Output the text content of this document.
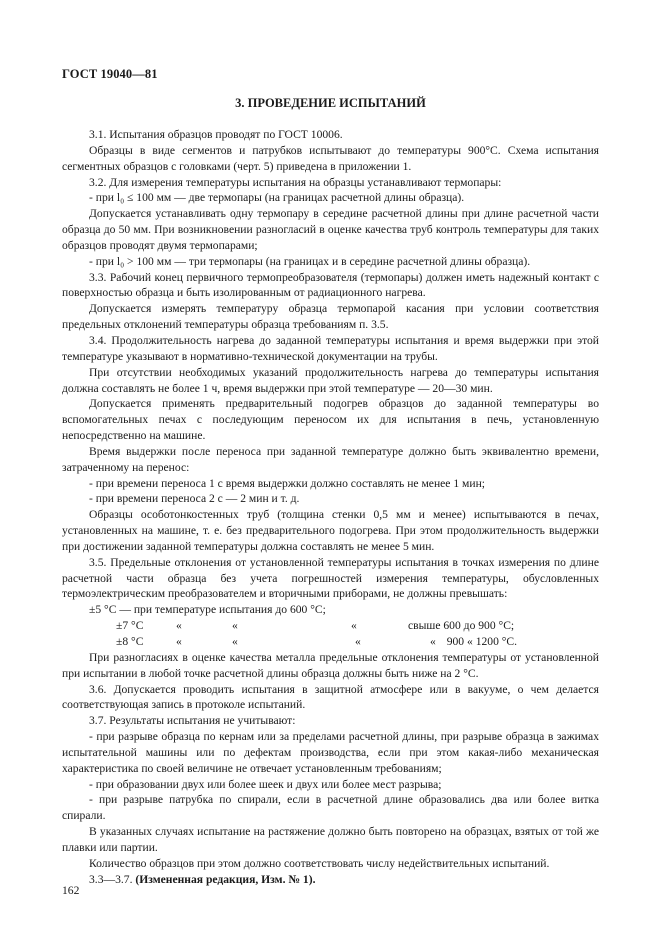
ГОСТ 19040—81
3. ПРОВЕДЕНИЕ ИСПЫТАНИЙ

3.1. Испытания образцов проводят по ГОСТ 10006.

Образцы в виде сегментов и патрубков испытывают до температуры 900°С. Схема испытания сегментных образцов с головками (черт. 5) приведена в приложении 1.

3.2. Для измерения температуры испытания на образцы устанавливают термопары:

- при l₀ ≤ 100 мм — две термопары (на границах расчетной длины образца).

Допускается устанавливать одну термопару в середине расчетной длины при длине расчетной части образца до 50 мм. При возникновении разногласий в оценке качества труб контроль температуры для таких образцов проводят двумя термопарами;

- при l₀ > 100 мм — три термопары (на границах и в середине расчетной длины образца).

3.3. Рабочий конец первичного термопреобразователя (термопары) должен иметь надежный контакт с поверхностью образца и быть изолированным от радиационного нагрева.

Допускается измерять температуру образца термопарой касания при условии соответствия предельных отклонений температуры образца требованиям п. 3.5.

3.4. Продолжительность нагрева до заданной температуры испытания и время выдержки при этой температуре указывают в нормативно-технической документации на трубы.

При отсутствии необходимых указаний продолжительность нагрева до температуры испытания должна составлять не более 1 ч, время выдержки при этой температуре — 20—30 мин.

Допускается применять предварительный подогрев образцов до заданной температуры во вспомогательных печах с последующим переносом их для испытания в печь, установленную непосредственно на машине.

Время выдержки после переноса при заданной температуре должно быть эквивалентно времени, затраченному на перенос:

- при времени переноса 1 с время выдержки должно составлять не менее 1 мин;

- при времени переноса 2 с — 2 мин и т. д.

Образцы особотонкостенных труб (толщина стенки 0,5 мм и менее) испытываются в печах, установленных на машине, т. е. без предварительного подогрева. При этом продолжительность выдержки при достижении заданной температуры должна составлять не менее 5 мин.

3.5. Предельные отклонения от установленной температуры испытания в точках измерения по длине расчетной части образца без учета погрешностей измерения температуры, обусловленных термоэлектрическим преобразователем и вторичными приборами, не должны превышать:

±5 °С — при температуре испытания до 600 °С;

±7 °С	«	«	«	свыше 600 до 900 °С;

±8 °С	«	«	«	« 900 « 1200 °С.

При разногласиях в оценке качества металла предельные отклонения температуры от установленной при испытании в любой точке расчетной длины образца должны быть ниже на 2 °С.

3.6. Допускается проводить испытания в защитной атмосфере или в вакууме, о чем делается соответствующая запись в протоколе испытаний.

3.7. Результаты испытания не учитывают:

- при разрыве образца по кернам или за пределами расчетной длины, при разрыве образца в зажимах испытательной машины или по дефектам производства, если при этом какая-либо механическая характеристика по своей величине не отвечает установленным требованиям;

- при образовании двух или более шеек и двух или более мест разрыва;

- при разрыве патрубка по спирали, если в расчетной длине образовались два или более витка спирали.

В указанных случаях испытание на растяжение должно быть повторено на образцах, взятых от той же плавки или партии.

Количество образцов при этом должно соответствовать числу недействительных испытаний.

3.3—3.7. (Измененная редакция, Изм. № 1).

162
